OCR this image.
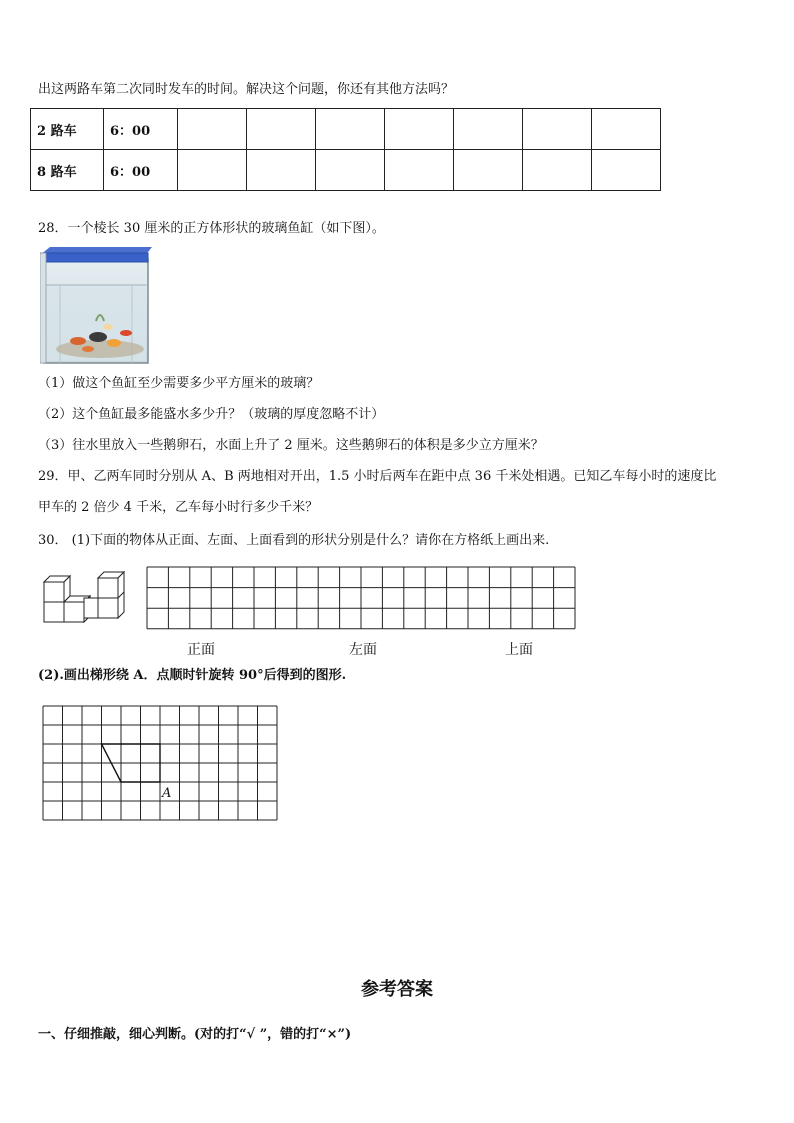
出这两路车第二次同时发车的时间。解决这个问题，你还有其他方法吗？
2 路车	6：00							
8 路车	6：00							
28．一个棱长 30 厘米的正方体形状的玻璃鱼缸（如下图）。
（1）做这个鱼缸至少需要多少平方厘米的玻璃？
（2）这个鱼缸最多能盛水多少升？（玻璃的厚度忽略不计）
（3）往水里放入一些鹅卵石，水面上升了 2 厘米。这些鹅卵石的体积是多少立方厘米？
29．甲、乙两车同时分别从 A、B 两地相对开出，1.5 小时后两车在距中点 36 千米处相遇。已知乙车每小时的速度比
甲车的 2 倍少 4 千米，乙车每小时行多少千米？
30． (1)下面的物体从正面、左面、上面看到的形状分别是什么？请你在方格纸上画出来.
正面	左面	上面
(2).画出梯形绕 A．点顺时针旋转 90°后得到的图形.
A
参考答案
一、仔细推敲，细心判断。(对的打“√ ”，错的打“×”)
